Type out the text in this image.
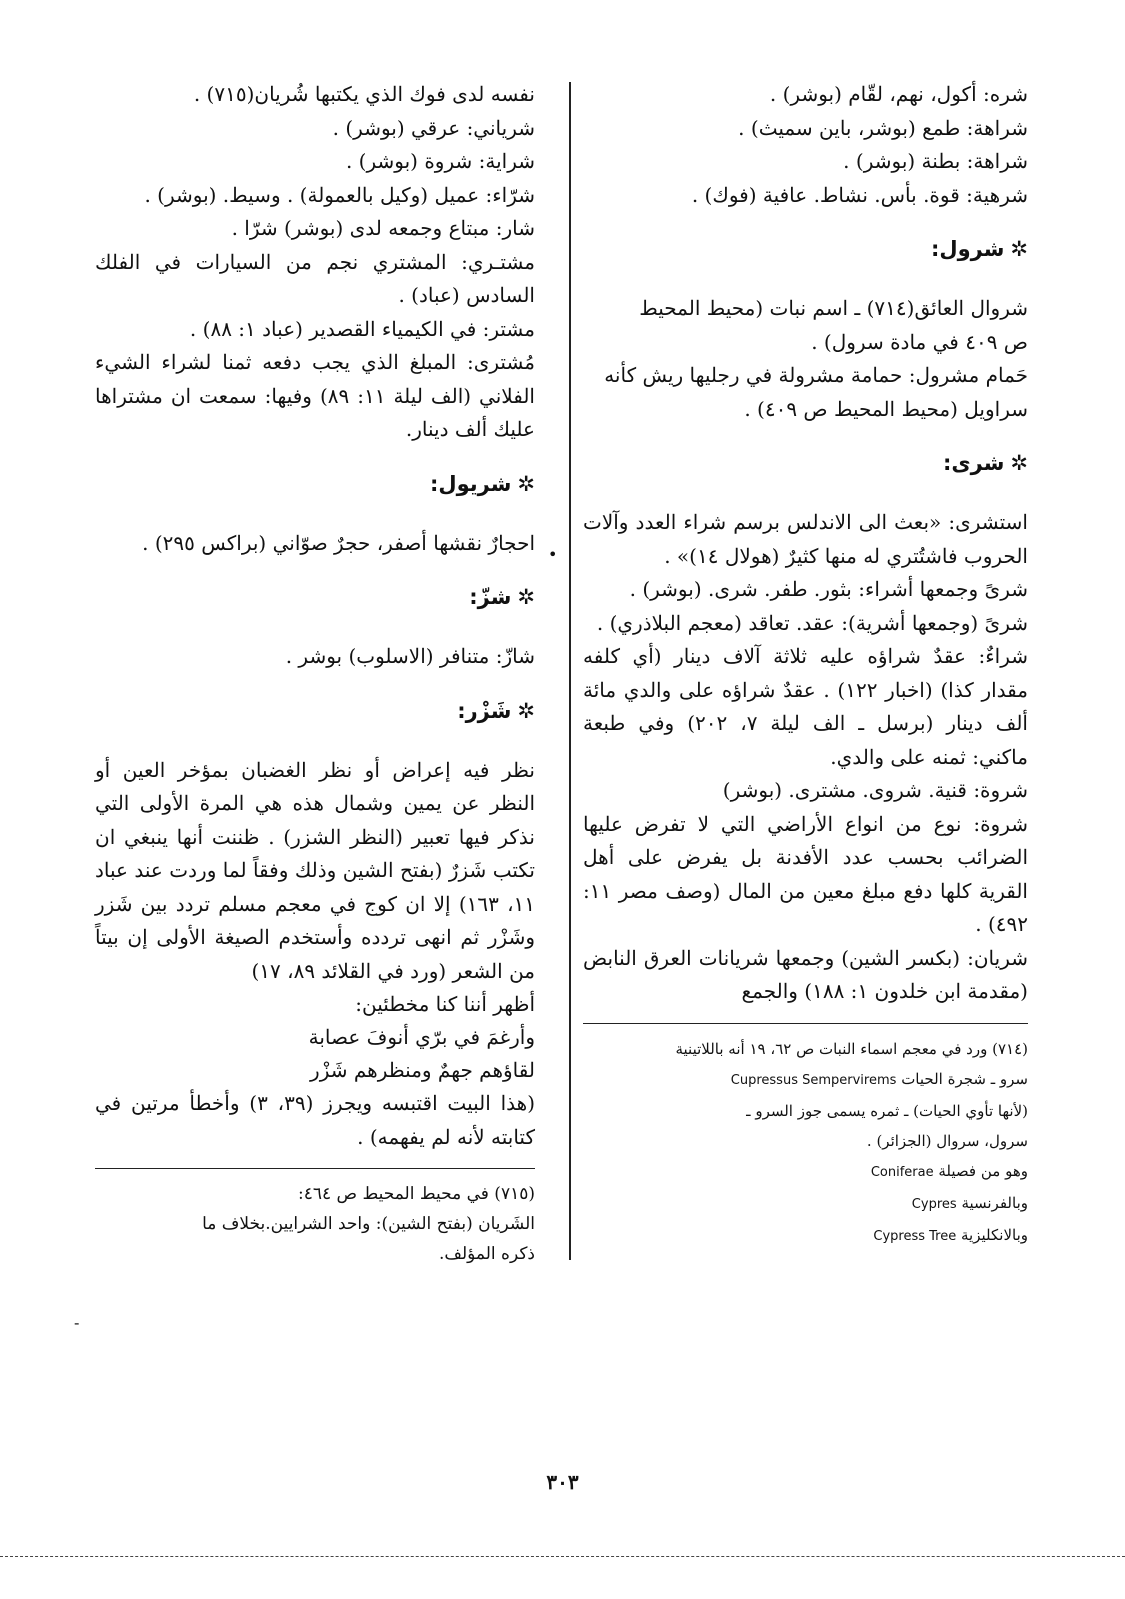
•
-
شره: أكول، نهم، لقّام (بوشر) .
شراهة: طمع (بوشر، باين سميث) .
شراهة: بطنة (بوشر) .
شرهية: قوة. بأس. نشاط. عافية (فوك) .
✲شرول:
شروال العائق(٧١٤) ـ اسم نبات (محيط المحيط
ص ٤٠٩ في مادة سرول) .
حَمام مشرول: حمامة مشرولة في رجليها ريش كأنه
سراويل (محيط المحيط ص ٤٠٩) .
✲شرى:
استشرى: «بعث الى الاندلس برسم شراء العدد وآلات الحروب فاشتُتري له منها كثيرٌ (هولال ١٤)» .
شرىً وجمعها أشراء: بثور. طفر. شرى. (بوشر) .
شرىً (وجمعها أشرية): عقد. تعاقد (معجم البلاذري) .
شراءٌ: عقدٌ شراؤه عليه ثلاثة آلاف دينار (أي كلفه مقدار كذا) (اخبار ١٢٢) . عقدٌ شراؤه على والدي مائة ألف دينار (برسل ـ الف ليلة ٧، ٢٠٢) وفي طبعة ماكني: ثمنه على والدي.
شروة: قنية. شروى. مشترى. (بوشر)
شروة: نوع من انواع الأراضي التي لا تفرض عليها الضرائب بحسب عدد الأفدنة بل يفرض على أهل القرية كلها دفع مبلغ معين من المال (وصف مصر ١١: ٤٩٢) .
شريان: (بكسر الشين) وجمعها شريانات العرق النابض (مقدمة ابن خلدون ١: ١٨٨) والجمع
(٧١٤) ورد في معجم اسماء النبات ص ٦٢، ١٩ أنه باللاتينية
سرو ـ شجرة الحيات Cupressus Sempervirems
(لأنها تأوي الحيات) ـ ثمره يسمى جوز السرو ـ
سرول، سروال (الجزائر) .
وهو من فصيلة Coniferae
وبالفرنسية Cypres
وبالانكليزية Cypress Tree
نفسه لدى فوك الذي يكتبها شُريان(٧١٥) .
شرياني: عرقي (بوشر) .
شراية: شروة (بوشر) .
شرّاء: عميل (وكيل بالعمولة) . وسيط. (بوشر) .
شار: مبتاع وجمعه لدى (بوشر) شرّا .
مشتـري: المشتري نجم من السيارات في الفلك السادس (عباد) .
مشتر: في الكيمياء القصدير (عباد ١: ٨٨) .
مُشترى: المبلغ الذي يجب دفعه ثمنا لشراء الشيء الفلاني (الف ليلة ١١: ٨٩) وفيها: سمعت ان مشتراها عليك ألف دينار.
✲شريول:
احجارٌ نقشها أصفر، حجرٌ صوّاني (براكس ٢٩٥) .
✲شزّ:
شازّ: متنافر (الاسلوب) بوشر .
✲شَزْر:
نظر فيه إعراض أو نظر الغضبان بمؤخر العين أو النظر عن يمين وشمال هذه هي المرة الأولى التي نذكر فيها تعبير (النظر الشزر) . ظننت أنها ينبغي ان تكتب شَزرٌ (بفتح الشين وذلك وفقاً لما وردت عند عباد ١١، ١٦٣) إلا ان كوج في معجم مسلم تردد بين شَزر وشَزْر ثم انهى تردده وأستخدم الصيغة الأولى إن بيتاً من الشعر (ورد في القلائد ٨٩، ١٧)
أظهر أننا كنا مخطئين:
وأرغمَ في برّي أنوفَ عصابة
لقاؤهم جهمٌ ومنظرهم شَزْر
(هذا البيت اقتبسه ويجرز (٣٩، ٣) وأخطأ مرتين في كتابته لأنه لم يفهمه) .
(٧١٥) في محيط المحيط ص ٤٦٤:
الشَريان (بفتح الشين): واحد الشرايين.بخلاف ما
ذكره المؤلف.
٣٠٣
